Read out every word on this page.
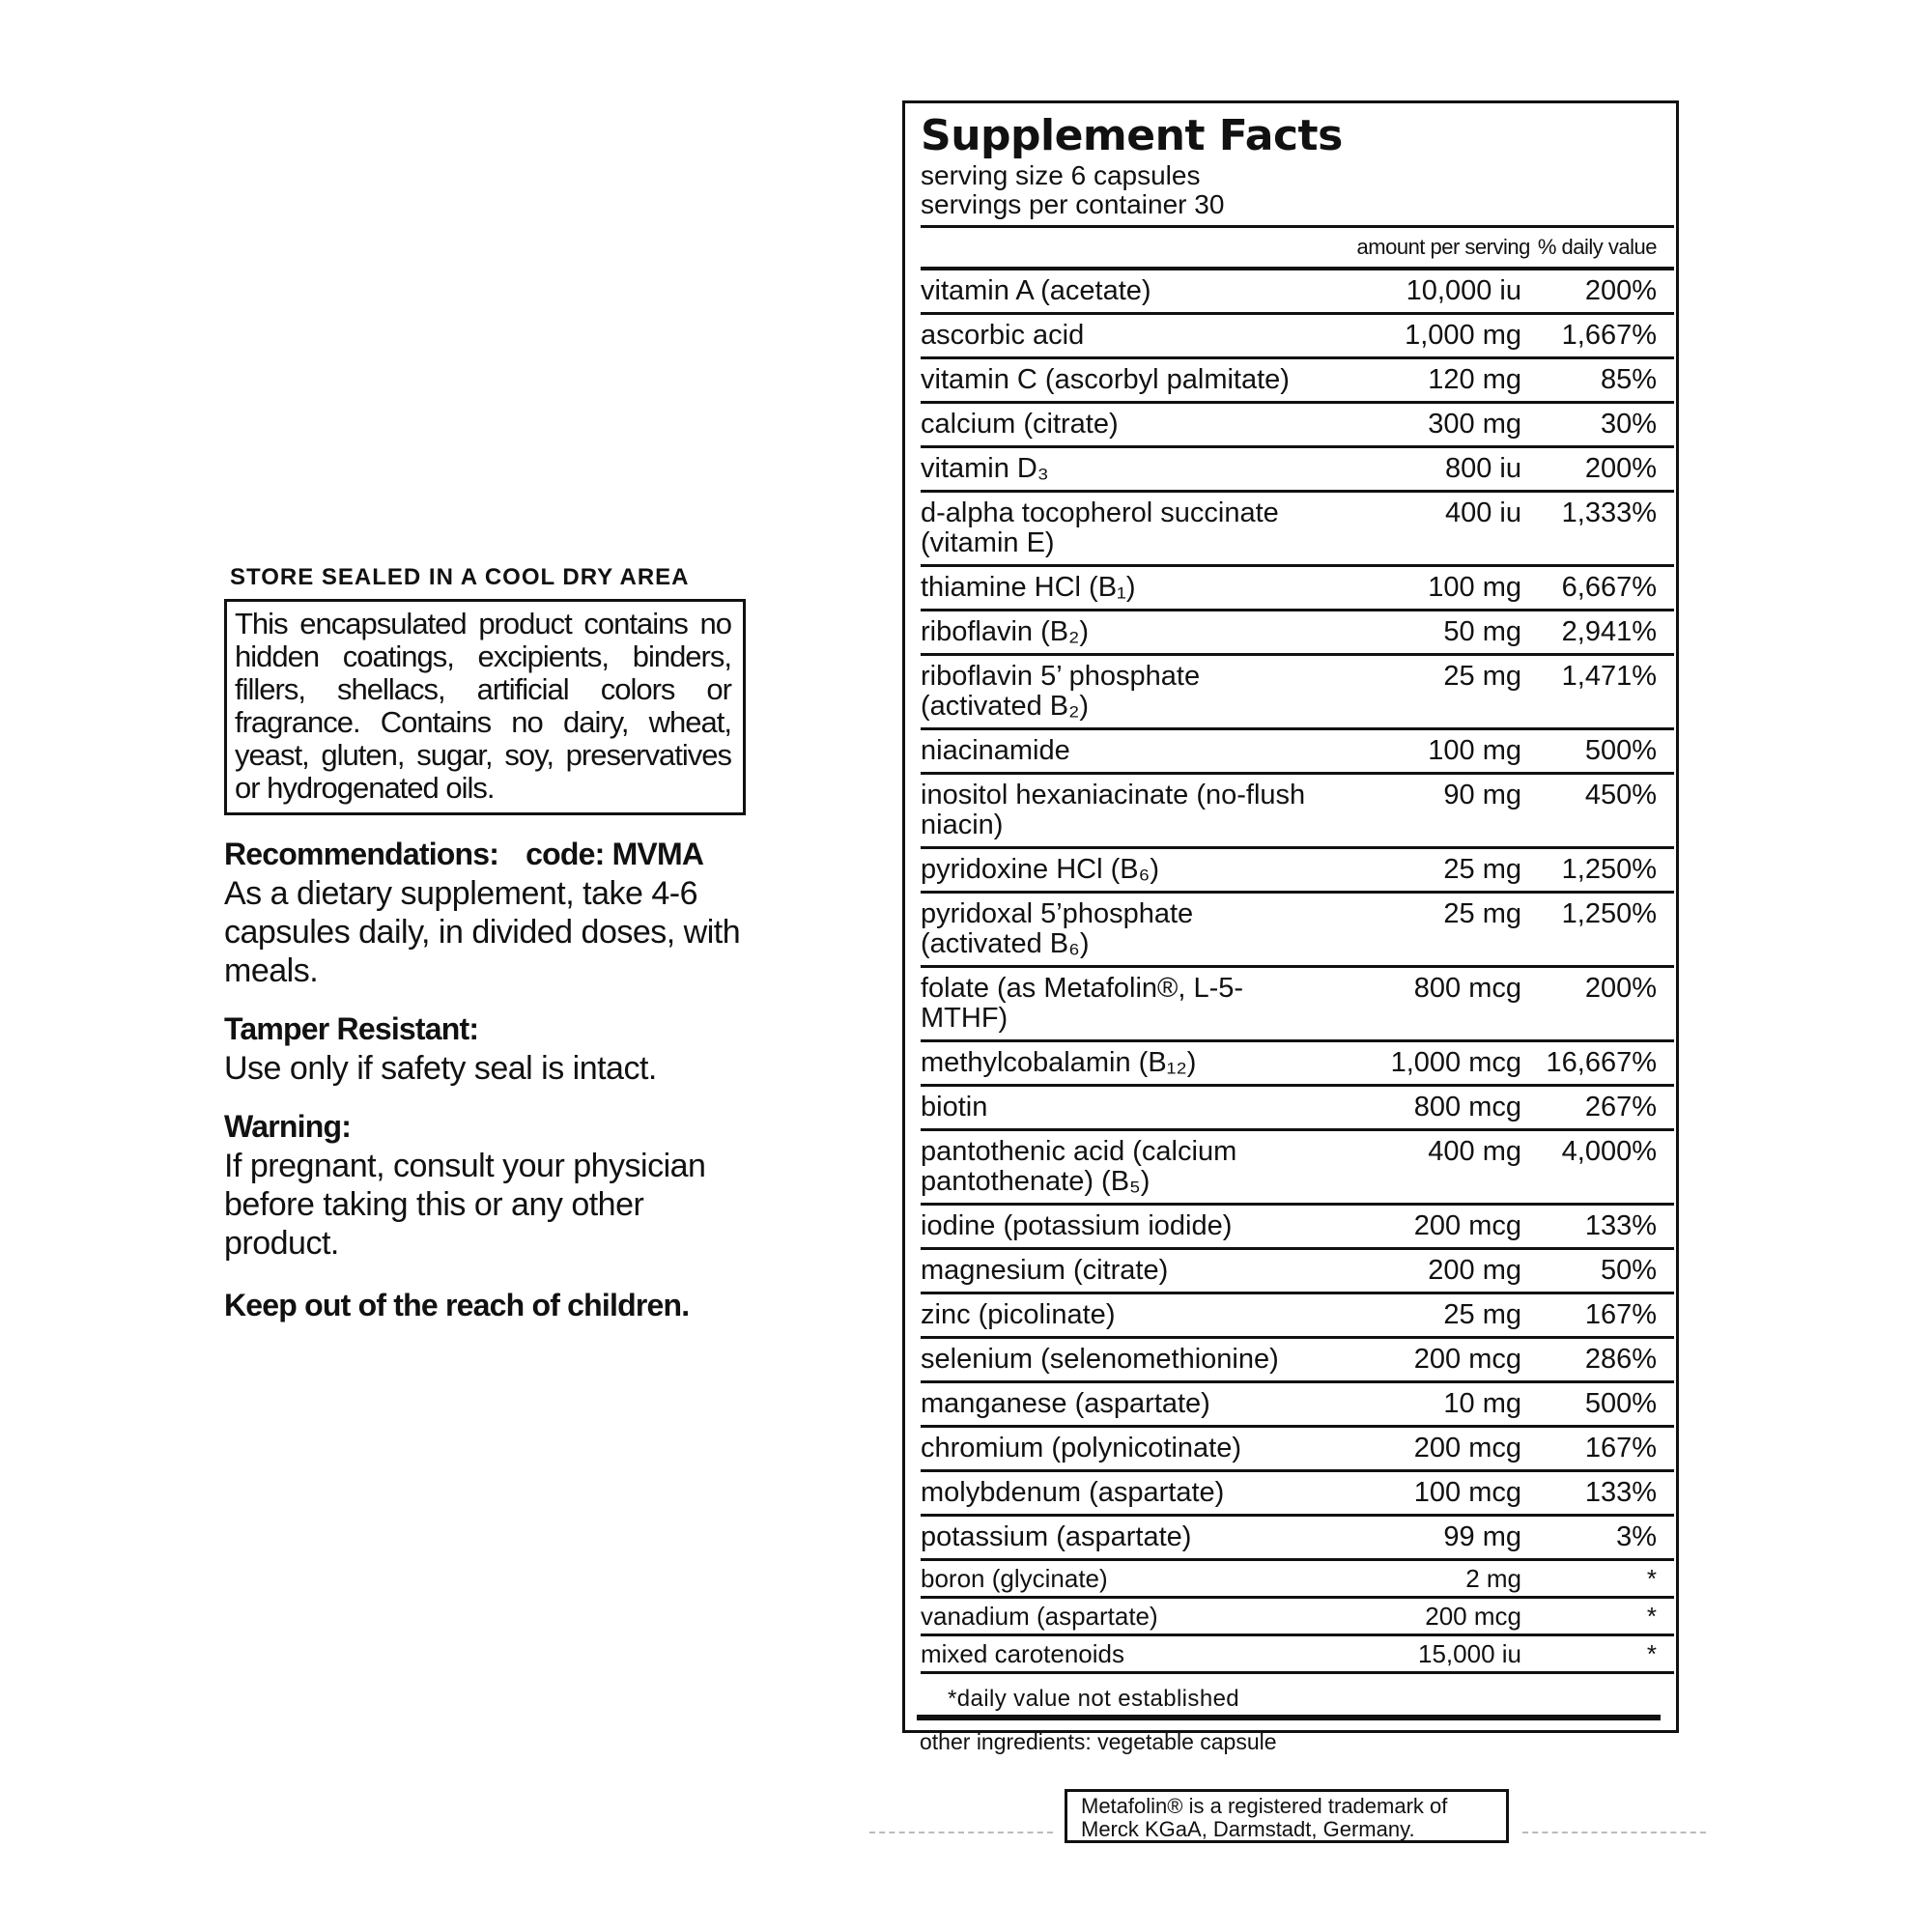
STORE SEALED IN A COOL DRY AREA
This encapsulated product contains no hidden coatings, excipients, binders, fillers, shellacs, artificial colors or fragrance. Contains no dairy, wheat, yeast, gluten, sugar, soy, preservatives or hydrogenated oils.
Recommendations: code: MVMA

As a dietary supplement, take 4-6 capsules daily, in divided doses, with meals.

Tamper Resistant:

Use only if safety seal is intact.

Warning:

If pregnant, consult your physician before taking this or any other product.

Keep out of the reach of children.
Supplement Facts
serving size 6 capsules
servings per container 30
amount per serving % daily value
vitamin A (acetate)	10,000 iu	200%
ascorbic acid	1,000 mg	1,667%
vitamin C (ascorbyl palmitate)	120 mg	85%
calcium (citrate)	300 mg	30%
vitamin D₃	800 iu	200%
d-alpha tocopherol succinate (vitamin E)
400 iu	1,333%
thiamine HCl (B₁)	100 mg	6,667%
riboflavin (B₂)	50 mg	2,941%
riboflavin 5’ phosphate (activated B₂)
25 mg	1,471%
niacinamide	100 mg	500%
inositol hexaniacinate (no-flush niacin)
90 mg	450%
pyridoxine HCl (B₆)	25 mg	1,250%
pyridoxal 5’phosphate (activated B₆)
25 mg	1,250%
folate (as Metafolin®, L-5-MTHF)
800 mcg	200%
methylcobalamin (B₁₂)	1,000 mcg 16,667%
biotin	800 mcg	267%
pantothenic acid (calcium pantothenate) (B₅)
400 mg	4,000%
iodine (potassium iodide)	200 mcg	133%
magnesium (citrate)	200 mg	50%
zinc (picolinate)	25 mg	167%
selenium (selenomethionine)	200 mcg	286%
manganese (aspartate)	10 mg	500%
chromium (polynicotinate)	200 mcg	167%
molybdenum (aspartate)	100 mcg	133%
potassium (aspartate)	99 mg	3%
boron (glycinate)	2 mg	*
vanadium (aspartate)	200 mcg	*
mixed carotenoids	15,000 iu	*
*daily value not established
other ingredients: vegetable capsule
Metafolin® is a registered trademark of Merck KGaA, Darmstadt, Germany.
